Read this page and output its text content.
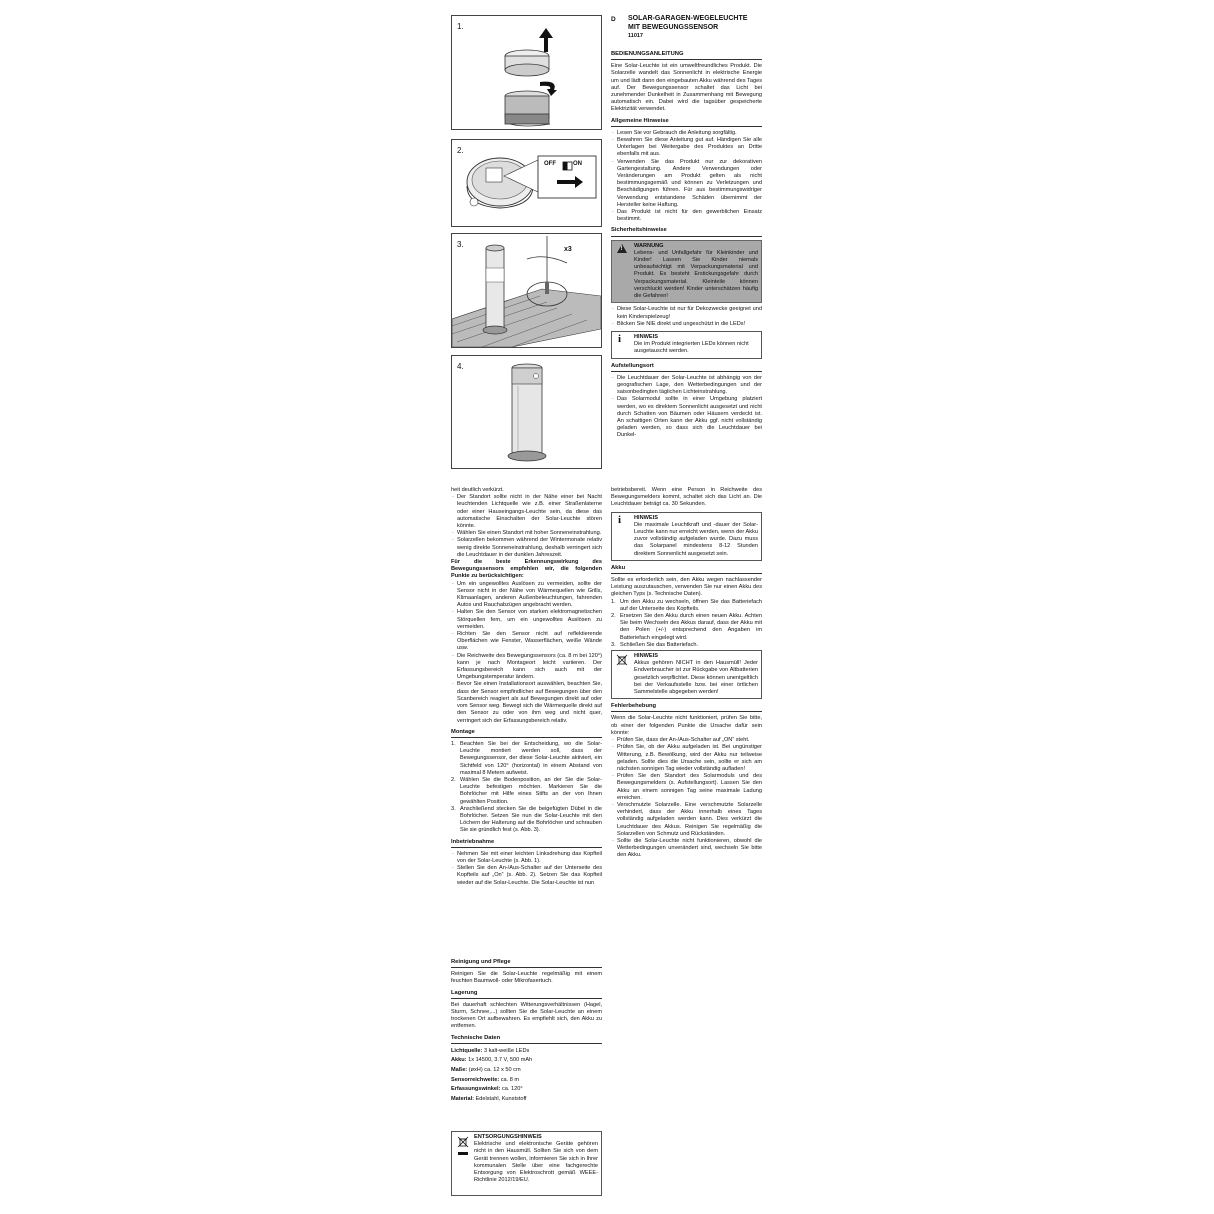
1.
2.
OFF	ON
3.
x3
4.
D SOLAR-GARAGEN-WEGELEUCHTE
MIT BEWEGUNGSSENSOR
11017
BEDIENUNGSANLEITUNG

Eine Solar-Leuchte ist ein umweltfreundliches Produkt. Die Solarzelle wandelt das Sonnenlicht in elektrische Energie um und lädt dann den eingebauten Akku während des Tages auf. Der Bewegungssensor schaltet das Licht bei zunehmender Dunkelheit in Zusammenhang mit Bewegung automatisch ein. Dabei wird die tagsüber gespeicherte Elektrizität verwendet.

Allgemeine Hinweise
· Lesen Sie vor Gebrauch die Anleitung sorgfältig.
· Bewahren Sie diese Anleitung gut auf. Händigen Sie alle Unterlagen bei Weitergabe des Produktes an Dritte ebenfalls mit aus.
· Verwenden Sie das Produkt nur zur dekorativen Gartengestaltung. Andere Verwendungen oder Veränderungen am Produkt gelten als nicht bestimmungsgemäß und können zu Verletzungen und Beschädigungen führen. Für aus bestimmungswidriger Verwendung entstandene Schäden übernimmt der Hersteller keine Haftung.
· Das Produkt ist nicht für den gewerblichen Einsatz bestimmt.
Sicherheitshinweise
! WARNUNG
Lebens- und Unfallgefahr für Kleinkinder und Kinder! Lassen Sie Kinder niemals unbeaufsichtigt mit Verpackungsmaterial und Produkt. Es besteht Erstickungsgefahr durch Verpackungsmaterial. Kleinteile können verschluckt werden! Kinder unterschätzen häufig die Gefahren!
· Diese Solar-Leuchte ist nur für Dekozwecke geeignet und kein Kinderspielzeug!
· Blicken Sie NIE direkt und ungeschützt in die LEDs!
i HINWEIS
Die im Produkt integrierten LEDs können nicht ausgetauscht werden.
Aufstellungsort
· Die Leuchtdauer der Solar-Leuchte ist abhängig von der geografischen Lage, den Wetterbedingungen und der saisonbedingten täglichen Lichteinstrahlung.
· Das Solarmodul sollte in einer Umgebung platziert werden, wo es direktem Sonnenlicht ausgesetzt und nicht durch Schatten von Bäumen oder Häusern verdeckt ist. An schattigen Orten kann der Akku ggf. nicht vollständig geladen werden, so dass sich die Leuchtdauer bei Dunkel-

heit deutlich verkürzt.

· Der Standort sollte nicht in der Nähe einer bei Nacht leuchtenden Lichtquelle wie z.B. einer Straßenlaterne oder einer Hauseingangs-Leuchte sein, da diese das automatische Einschalten der Solar-Leuchte stören könnte.
· Wählen Sie einen Standort mit hoher Sonneneinstrahlung.
· Solarzellen bekommen während der Wintermonate relativ wenig direkte Sonneneinstrahlung, deshalb verringert sich die Leuchtdauer in der dunklen Jahreszeit.

Für die beste Erkennungswirkung des Bewegungssensors empfehlen wir, die folgenden Punkte zu berücksichtigen:

· Um ein ungewolltes Auslösen zu vermeiden, sollte der Sensor nicht in der Nähe von Wärmequellen wie Grills, Klimaanlagen, anderen Außenbeleuchtungen, fahrenden Autos und Rauchabzügen angebracht werden.
· Halten Sie den Sensor von starken elektromagnetischen Störquellen fern, um ein ungewolltes Auslösen zu vermeiden.
· Richten Sie den Sensor nicht auf reflektierende Oberflächen wie Fenster, Wasserflächen, weiße Wände usw.
· Die Reichweite des Bewegungssensors (ca. 8 m bei 120°) kann je nach Montageort leicht variieren. Der Erfassungsbereich kann sich auch mit der Umgebungstemperatur ändern.
· Bevor Sie einen Installationsort auswählen, beachten Sie, dass der Sensor empfindlicher auf Bewegungen über den Scanbereich reagiert als auf Bewegungen direkt auf oder vom Sensor weg. Bewegt sich die Wärmequelle direkt auf den Sensor zu oder von ihm weg und nicht quer, verringert sich der Erfassungsbereich relativ.
Montage
1. Beachten Sie bei der Entscheidung, wo die Solar-Leuchte montiert werden soll, dass der Bewegungssensor, der diese Solar-Leuchte aktiviert, ein Sichtfeld von 120° (horizontal) in einem Abstand von maximal 8 Metern aufweist.
2. Wählen Sie die Bodenposition, an der Sie die Solar-Leuchte befestigen möchten. Markieren Sie die Bohrlöcher mit Hilfe eines Stifts an der von Ihnen gewählten Position.
3. Anschließend stecken Sie die beigefügten Dübel in die Bohrlöcher. Setzen Sie nun die Solar-Leuchte mit den Löchern der Halterung auf die Bohrlöcher und schrauben Sie sie gründlich fest (s. Abb. 3).
Inbetriebnahme
· Nehmen Sie mit einer leichten Linksdrehung das Kopfteil von der Solar-Leuchte (s. Abb. 1).
· Stellen Sie den An-/Aus-Schalter auf der Unterseite des Kopfteils auf „On“ (s. Abb. 2). Setzen Sie das Kopfteil wieder auf die Solar-Leuchte. Die Solar-Leuchte ist nun

betriebsbereit. Wenn eine Person in Reichweite des Bewegungsmelders kommt, schaltet sich das Licht an. Die Leuchtdauer beträgt ca. 30 Sekunden.

i HINWEIS
Die maximale Leuchtkraft und -dauer der Solar-Leuchte kann nur erreicht werden, wenn der Akku zuvor vollständig aufgeladen wurde. Dazu muss das Solarpanel mindestens 8-12 Stunden direktem Sonnenlicht ausgesetzt sein.
Akku

Sollte es erforderlich sein, den Akku wegen nachlassender Leistung auszutauschen, verwenden Sie nur einen Akku des gleichen Typs (s. Technische Daten).

1. Um den Akku zu wechseln, öffnen Sie das Batteriefach auf der Unterseite des Kopfteils.
2. Ersetzen Sie den Akku durch einen neuen Akku. Achten Sie beim Wechseln des Akkus darauf, dass der Akku mit den Polen (+/-) entsprechend den Angaben im Batteriefach eingelegt wird.
3. Schließen Sie das Batteriefach.
HINWEIS
Akkus gehören NICHT in den Hausmüll! Jeder Endverbraucher ist zur Rückgabe von Altbatterien gesetzlich verpflichtet. Diese können unentgeltlich bei der Verkaufsstelle bzw. bei einer örtlichen Sammelstelle abgegeben werden!
Fehlerbehebung

Wenn die Solar-Leuchte nicht funktioniert, prüfen Sie bitte, ob einer der folgenden Punkte die Ursache dafür sein könnte:

· Prüfen Sie, dass der An-/Aus-Schalter auf „ON“ steht.
· Prüfen Sie, ob der Akku aufgeladen ist. Bei ungünstiger Witterung, z.B. Bewölkung, wird der Akku nur teilweise geladen. Sollte dies die Ursache sein, sollte er sich am nächsten sonnigen Tag wieder vollständig aufladen!
· Prüfen Sie den Standort des Solarmoduls und des Bewegungsmelders (s. Aufstellungsort). Lassen Sie den Akku an einem sonnigen Tag seine maximale Ladung erreichen.
· Verschmutzte Solarzelle. Eine verschmutzte Solarzelle verhindert, dass der Akku innerhalb eines Tages vollständig aufgeladen werden kann. Dies verkürzt die Leuchtdauer des Akkus. Reinigen Sie regelmäßig die Solarzellen von Schmutz und Rückständen.
· Sollte die Solar-Leuchte nicht funktionieren, obwohl die Wetterbedingungen unverändert sind, wechseln Sie bitte den Akku.
Reinigung und Pflege

Reinigen Sie die Solar-Leuchte regelmäßig mit einem feuchten Baumwoll- oder Mikrofasertuch.

Lagerung

Bei dauerhaft schlechten Witterungsverhältnissen (Hagel, Sturm, Schnee,...) sollten Sie die Solar-Leuchte an einem trockenen Ort aufbewahren. Es empfiehlt sich, den Akku zu entfernen.

Technische Daten
Lichtquelle: 3 kalt-weiße LEDs
Akku: 1x 14500, 3.7 V, 500 mAh
Maße: (øxH) ca. 12 x 50 cm
Sensorreichweite: ca. 8 m
Erfassungswinkel: ca. 120°
Material: Edelstahl, Kunststoff
ENTSORGUNGSHINWEIS
Elektrische und elektronische Geräte gehören nicht in den Hausmüll. Sollten Sie sich von dem Gerät trennen wollen, informieren Sie sich in Ihrer kommunalen Stelle über eine fachgerechte Entsorgung von Elektroschrott gemäß WEEE-Richtlinie 2012/19/EU.
